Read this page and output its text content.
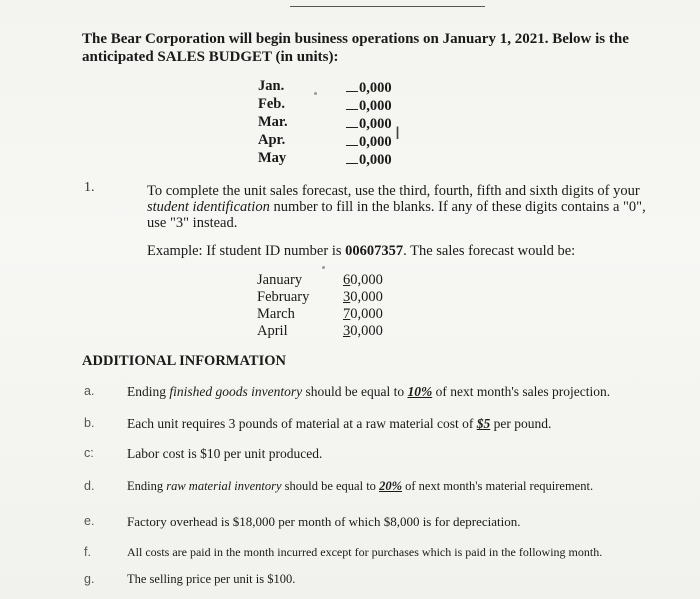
The Bear Corporation will begin business operations on January 1, 2021. Below is the
anticipated SALES BUDGET (in units):
Jan.	0,000
Feb.	0,000
Mar.	0,000
Apr.	0,000
May	0,000
I
1.	To complete the unit sales forecast, use the third, fourth, fifth and sixth digits of your
student identification number to fill in the blanks. If any of these digits contains a "0",
use "3" instead.
Example: If student ID number is 00607357. The sales forecast would be:
January	60,000
February	30,000
March	70,000
April	30,000
ADDITIONAL INFORMATION
a. Ending finished goods inventory should be equal to 10% of next month's sales projection.
b. Each unit requires 3 pounds of material at a raw material cost of $5 per pound.
c: Labor cost is $10 per unit produced.
d.	Ending raw material inventory should be equal to 20% of next month's material requirement.
e.	Factory overhead is $18,000 per month of which $8,000 is for depreciation.
f.	All costs are paid in the month incurred except for purchases which is paid in the following month.
g.	The selling price per unit is $100.
